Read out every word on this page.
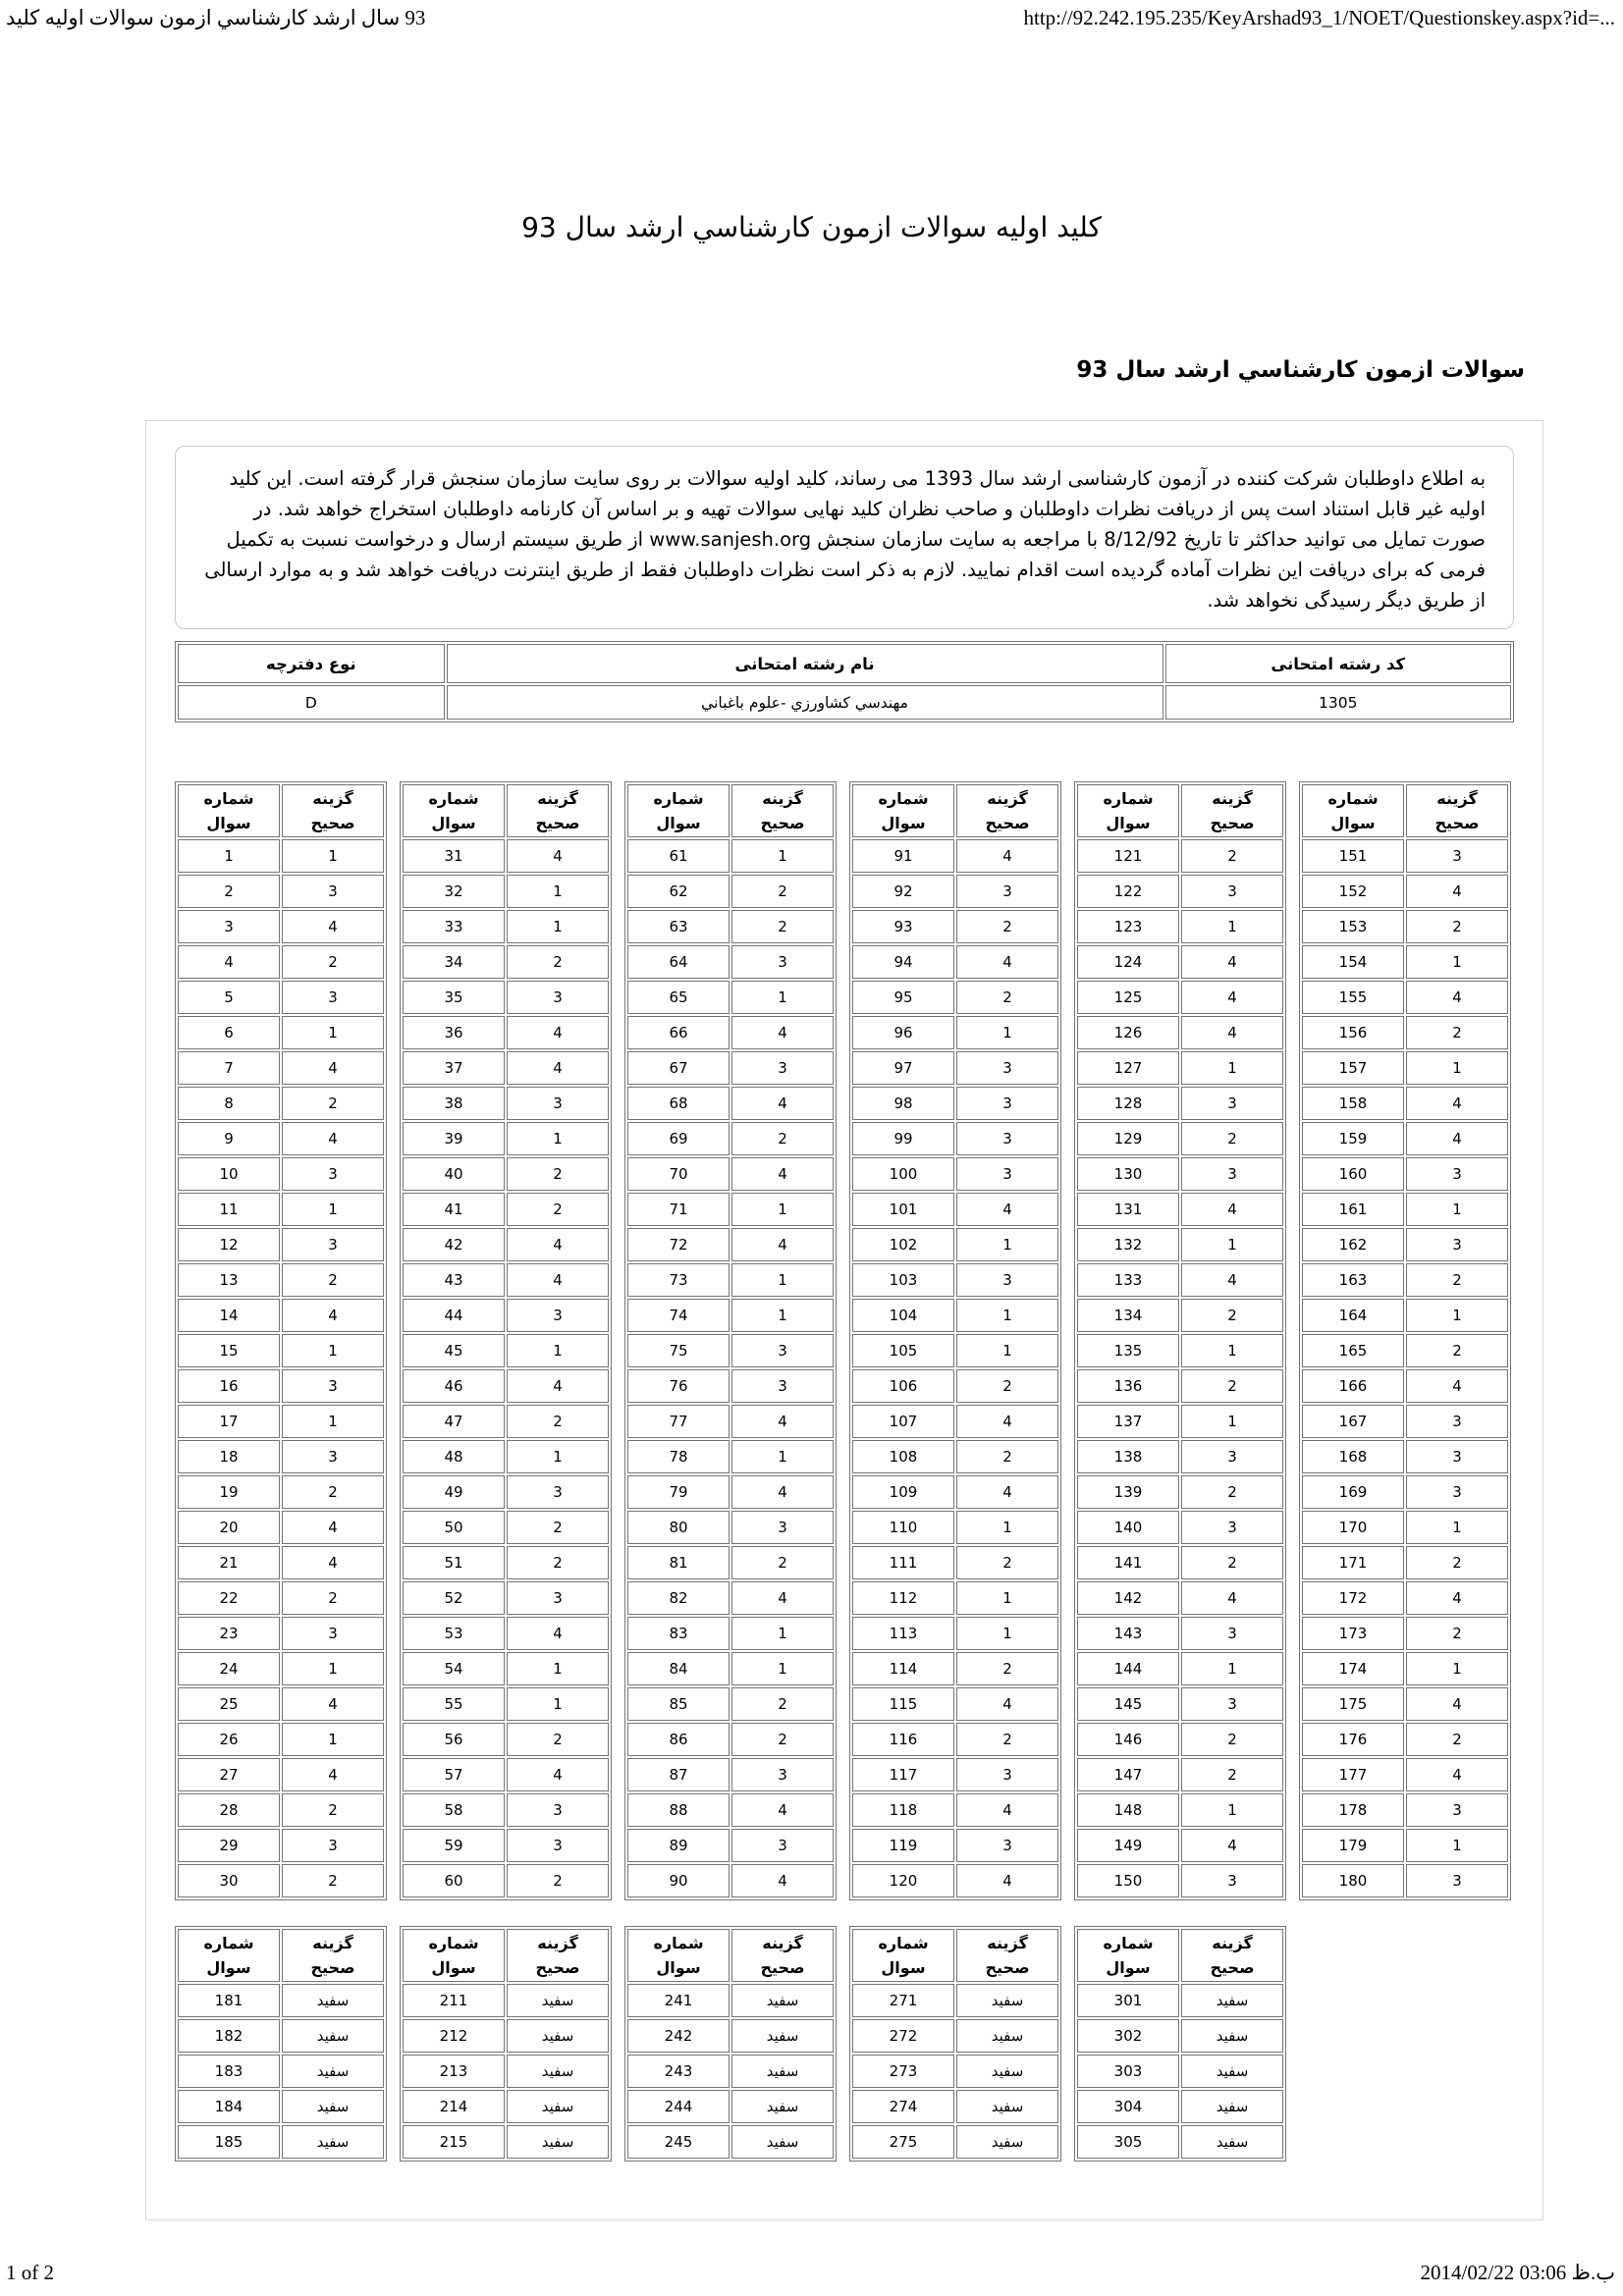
کلید‎ اولیه‎ سوالات‎ ازمون‎ کارشناسي‎ ارشد‎ سال‎ 93	http://92.242.195.235/KeyArshad93_1/NOET/Questionskey.aspx?id=...
کلید اولیه سوالات ازمون کارشناسي ارشد سال 93
سوالات ازمون کارشناسي ارشد سال 93
به اطلاع داوطلبان شرکت کننده در آزمون کارشناسی ارشد سال 1393 می رساند، کلید اولیه سوالات بر روی سایت سازمان سنجش قرار گرفته است. این کلید اولیه غیر قابل استناد است پس از دریافت نظرات داوطلبان و صاحب نظران کلید نهایی سوالات تهیه و بر اساس آن کارنامه داوطلبان استخراج خواهد شد. در صورت تمایل می توانید حداکثر تا تاریخ 8/12/92 با مراجعه به سایت سازمان سنجش www.sanjesh.org از طریق سیستم ارسال و درخواست نسبت به تکمیل فرمی که برای دریافت این نظرات آماده گردیده است اقدام نمایید. لازم به ذکر است نظرات داوطلبان فقط از طریق اینترنت دریافت خواهد شد و به موارد ارسالی از طریق دیگر رسیدگی نخواهد شد.
کد رشته امتحانی	نام رشته امتحانی	نوع دفترچه
1305	مهندسي کشاورزي -علوم باغباني	D
شماره سوال	گزينه صحيح
1	1
2	3
3	4
4	2
5	3
6	1
7	4
8	2
9	4
10	3
11	1
12	3
13	2
14	4
15	1
16	3
17	1
18	3
19	2
20	4
21	4
22	2
23	3
24	1
25	4
26	1
27	4
28	2
29	3
30	2
شماره سوال	گزينه صحيح
31	4
32	1
33	1
34	2
35	3
36	4
37	4
38	3
39	1
40	2
41	2
42	4
43	4
44	3
45	1
46	4
47	2
48	1
49	3
50	2
51	2
52	3
53	4
54	1
55	1
56	2
57	4
58	3
59	3
60	2
شماره سوال	گزينه صحيح
61	1
62	2
63	2
64	3
65	1
66	4
67	3
68	4
69	2
70	4
71	1
72	4
73	1
74	1
75	3
76	3
77	4
78	1
79	4
80	3
81	2
82	4
83	1
84	1
85	2
86	2
87	3
88	4
89	3
90	4
شماره سوال	گزينه صحيح
91	4
92	3
93	2
94	4
95	2
96	1
97	3
98	3
99	3
100	3
101	4
102	1
103	3
104	1
105	1
106	2
107	4
108	2
109	4
110	1
111	2
112	1
113	1
114	2
115	4
116	2
117	3
118	4
119	3
120	4
شماره سوال	گزينه صحيح
121	2
122	3
123	1
124	4
125	4
126	4
127	1
128	3
129	2
130	3
131	4
132	1
133	4
134	2
135	1
136	2
137	1
138	3
139	2
140	3
141	2
142	4
143	3
144	1
145	3
146	2
147	2
148	1
149	4
150	3
شماره سوال	گزينه صحيح
151	3
152	4
153	2
154	1
155	4
156	2
157	1
158	4
159	4
160	3
161	1
162	3
163	2
164	1
165	2
166	4
167	3
168	3
169	3
170	1
171	2
172	4
173	2
174	1
175	4
176	2
177	4
178	3
179	1
180	3
شماره سوال	گزينه صحيح
181	سفيد
182	سفيد
183	سفيد
184	سفيد
185	سفيد
شماره سوال	گزينه صحيح
211	سفيد
212	سفيد
213	سفيد
214	سفيد
215	سفيد
شماره سوال	گزينه صحيح
241	سفيد
242	سفيد
243	سفيد
244	سفيد
245	سفيد
شماره سوال	گزينه صحيح
271	سفيد
272	سفيد
273	سفيد
274	سفيد
275	سفيد
شماره سوال	گزينه صحيح
301	سفيد
302	سفيد
303	سفيد
304	سفيد
305	سفيد
1 of 2	2014/02/22 03:06 ب.ظ
